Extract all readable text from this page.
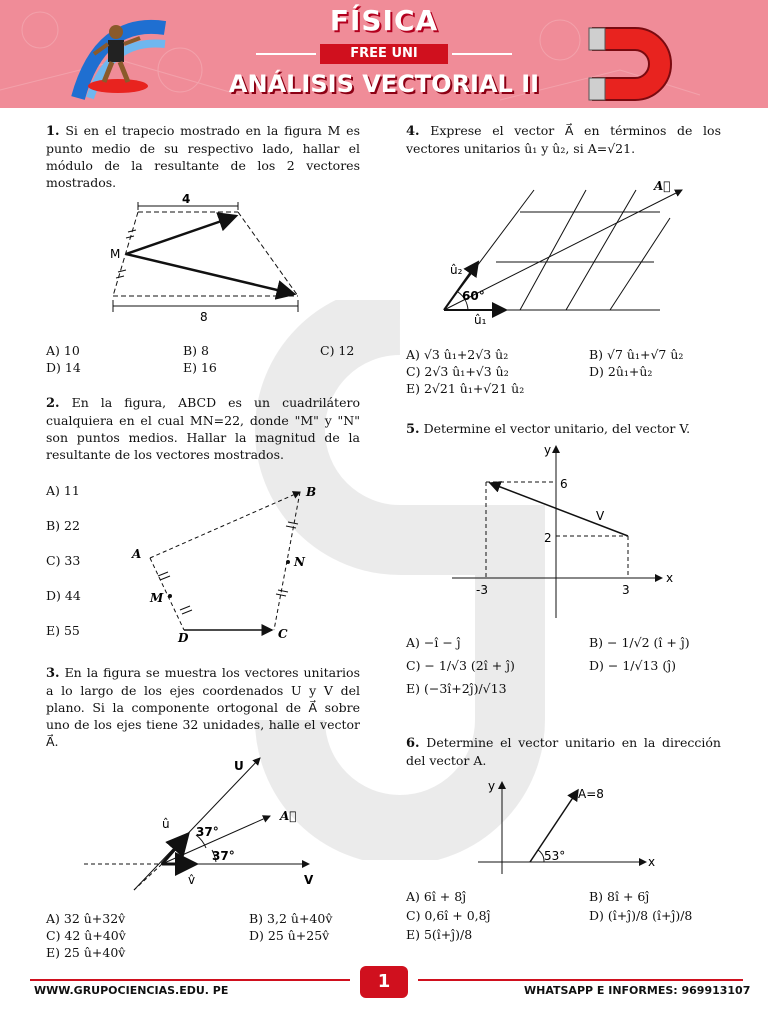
FÍSICA
FREE UNI
ANÁLISIS VECTORIAL II

1. Si en el trapecio mostrado en la figura M es punto medio de su respectivo lado, hallar el módulo de la resultante de los 2 vectores mostrados.

4
8
M
A) 10	B) 8	C) 12
D) 14	E) 16

2. En la figura, ABCD es un cuadrilátero cualquiera en el cual MN=22, donde "M" y "N" son puntos medios. Hallar la magnitud de la resultante de los vectores mostrados.

A) 11
B) 22
C) 33
D) 44
E) 55
A
B
C
D
M
N

3. En la figura se muestra los vectores unitarios a lo largo de los ejes coordenados U y V del plano. Si la componente ortogonal de A⃗ sobre uno de los ejes tiene 32 unidades, halle el vector A⃗.

U
V
A⃗
û
v̂
37°
37°
A) 32 û+32v̂	B) 3,2 û+40v̂
C) 42 û+40v̂	D) 25 û+25v̂
E) 25 û+40v̂

4. Exprese el vector A⃗ en términos de los vectores unitarios û₁ y û₂, si A=√21.

A⃗
û₁
û₂
60°
A) √3 û₁+2√3 û₂	B) √7 û₁+√7 û₂
C) 2√3 û₁+√3 û₂	D) 2û₁+û₂
E) 2√21 û₁+√21 û₂

5. Determine el vector unitario, del vector V.

y
x
V
6
2
-3	3
A) −î − ĵ	B) − 1/√2 (î + ĵ)
C) − 1/√3 (2î + ĵ)	D) − 1/√13 (ĵ)
E) (−3î+2ĵ)/√13

6. Determine el vector unitario en la dirección del vector A.

y
x
A=8
53°
A) 6î + 8ĵ	B) 8î + 6ĵ
C) 0,6î + 0,8ĵ	D) (î+ĵ)/8 (î+ĵ)/8
E) 5(î+ĵ)/8
WWW.GRUPOCIENCIAS.EDU. PE	1	WHATSAPP E INFORMES: 969913107
